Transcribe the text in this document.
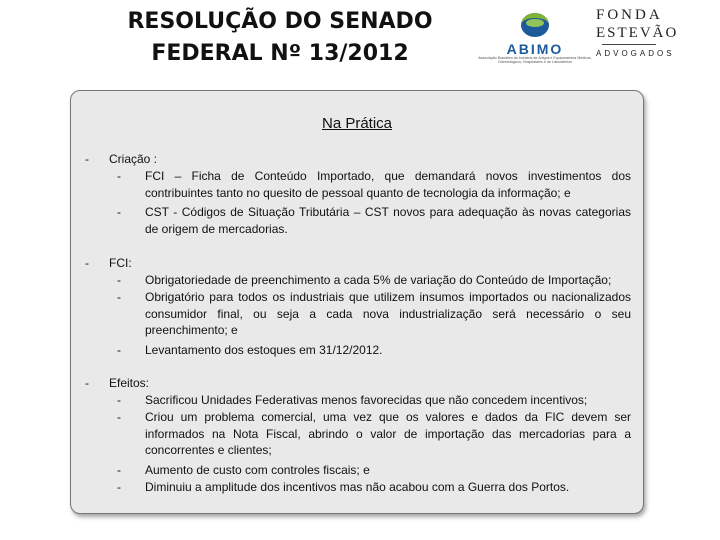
RESOLUÇÃO DO SENADO
FEDERAL Nº 13/2012	ABIMO
Associação Brasileira da Indústria de Artigos e Equipamentos Médicos, Odontológicos, Hospitalares e de Laboratórios
FONDA
ESTEVÃO
ADVOGADOS
Na Prática
- Criação :
- FCI – Ficha de Conteúdo Importado, que demandará novos investimentos dos contribuintes tanto no quesito de pessoal quanto de tecnologia da informação; e
- CST - Códigos de Situação Tributária – CST novos para adequação às novas categorias de origem de mercadorias.
- FCI:
- Obrigatoriedade de preenchimento a cada 5% de variação do Conteúdo de Importação;
- Obrigatório para todos os industriais que utilizem insumos importados ou nacionalizados consumidor final, ou seja a cada nova industrialização será necessário o seu preenchimento; e
- Levantamento dos estoques em 31/12/2012.
- Efeitos:
- Sacrificou Unidades Federativas menos favorecidas que não concedem incentivos;
- Criou um problema comercial, uma vez que os valores e dados da FIC devem ser informados na Nota Fiscal, abrindo o valor de importação das mercadorias para a concorrentes e clientes;
- Aumento de custo com controles fiscais; e
- Diminuiu a amplitude dos incentivos mas não acabou com a Guerra dos Portos.
